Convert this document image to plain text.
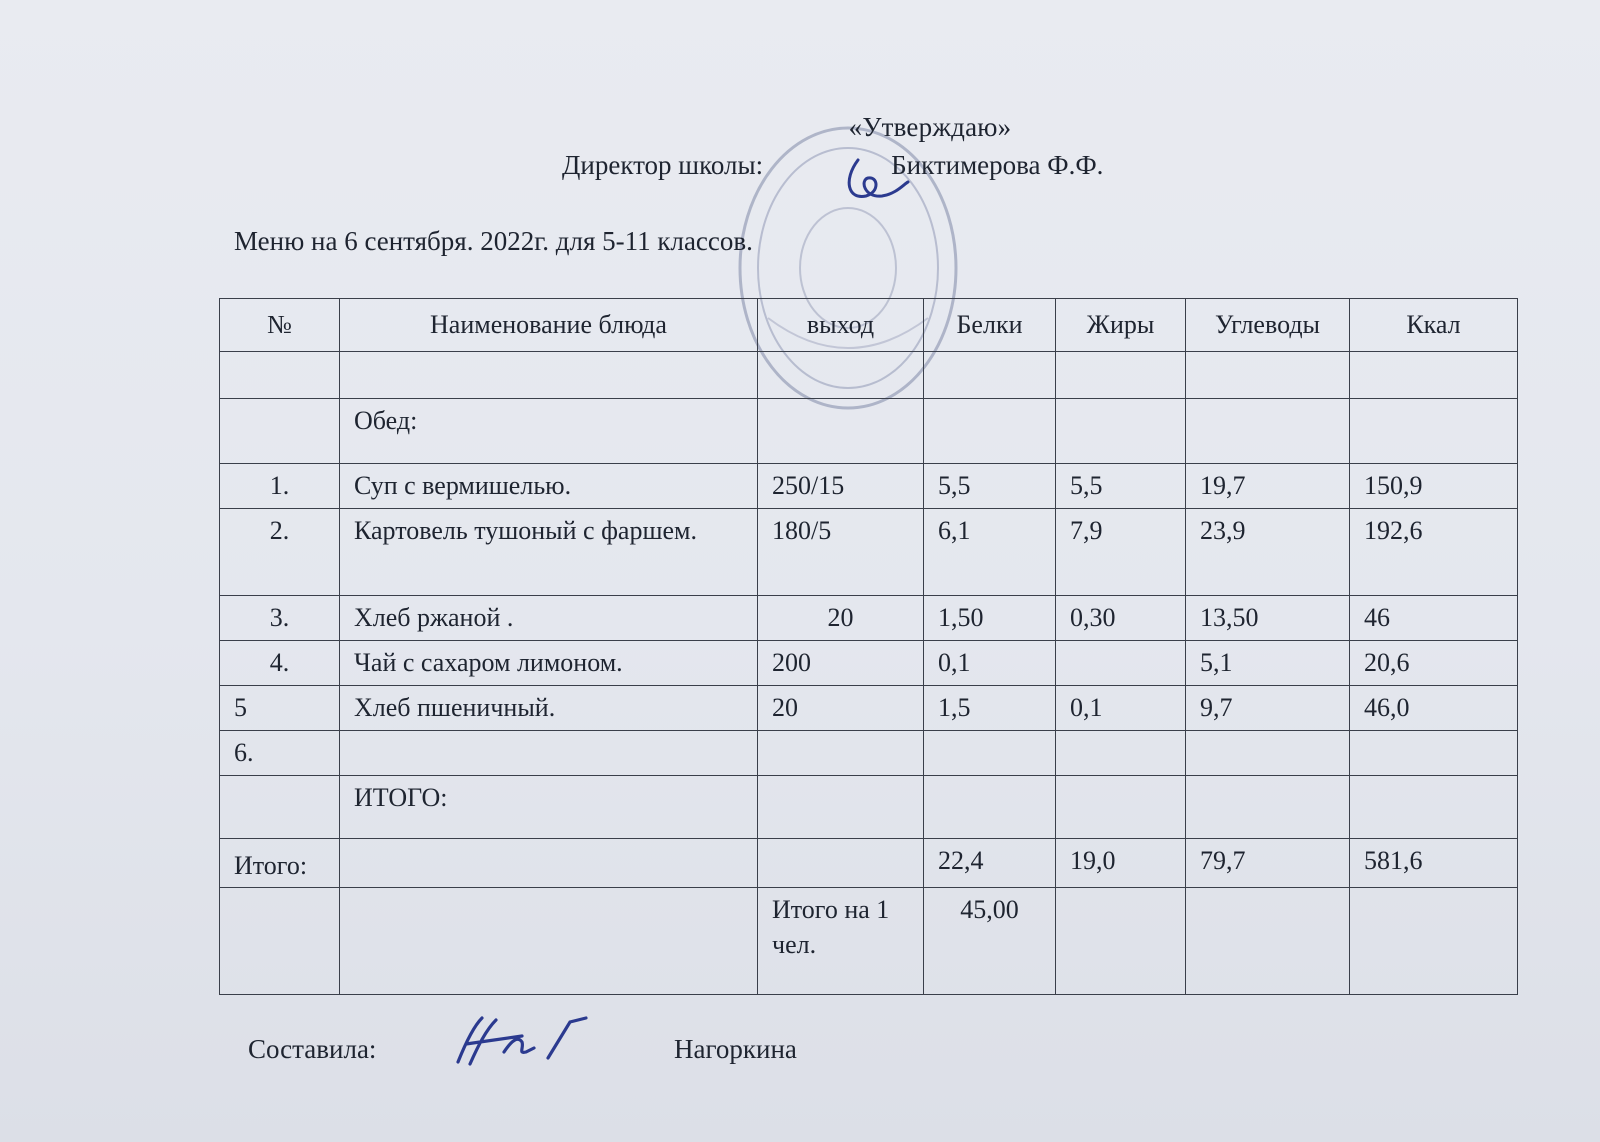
«Утверждаю»
Директор школы:	Биктимерова Ф.Ф.
Меню на 6 сентября. 2022г. для 5-11 классов.
№	Наименование блюда	выход	Белки	Жиры	Углеводы	Ккал

	Обед:					
1.	Суп с вермишелью.	250/15	5,5	5,5	19,7	150,9
2.	Картовель тушоный с фаршем.	180/5	6,1	7,9	23,9	192,6
3.	Хлеб ржаной .	20	1,50	0,30	13,50	46
4.	Чай с сахаром лимоном.	200	0,1		5,1	20,6
5	Хлеб пшеничный.	20	1,5	0,1	9,7	46,0
6.						
	ИТОГО:					
Итого:			22,4	19,0	79,7	581,6
		Итого на 1 чел.	45,00			
Составила:	Нагоркина
